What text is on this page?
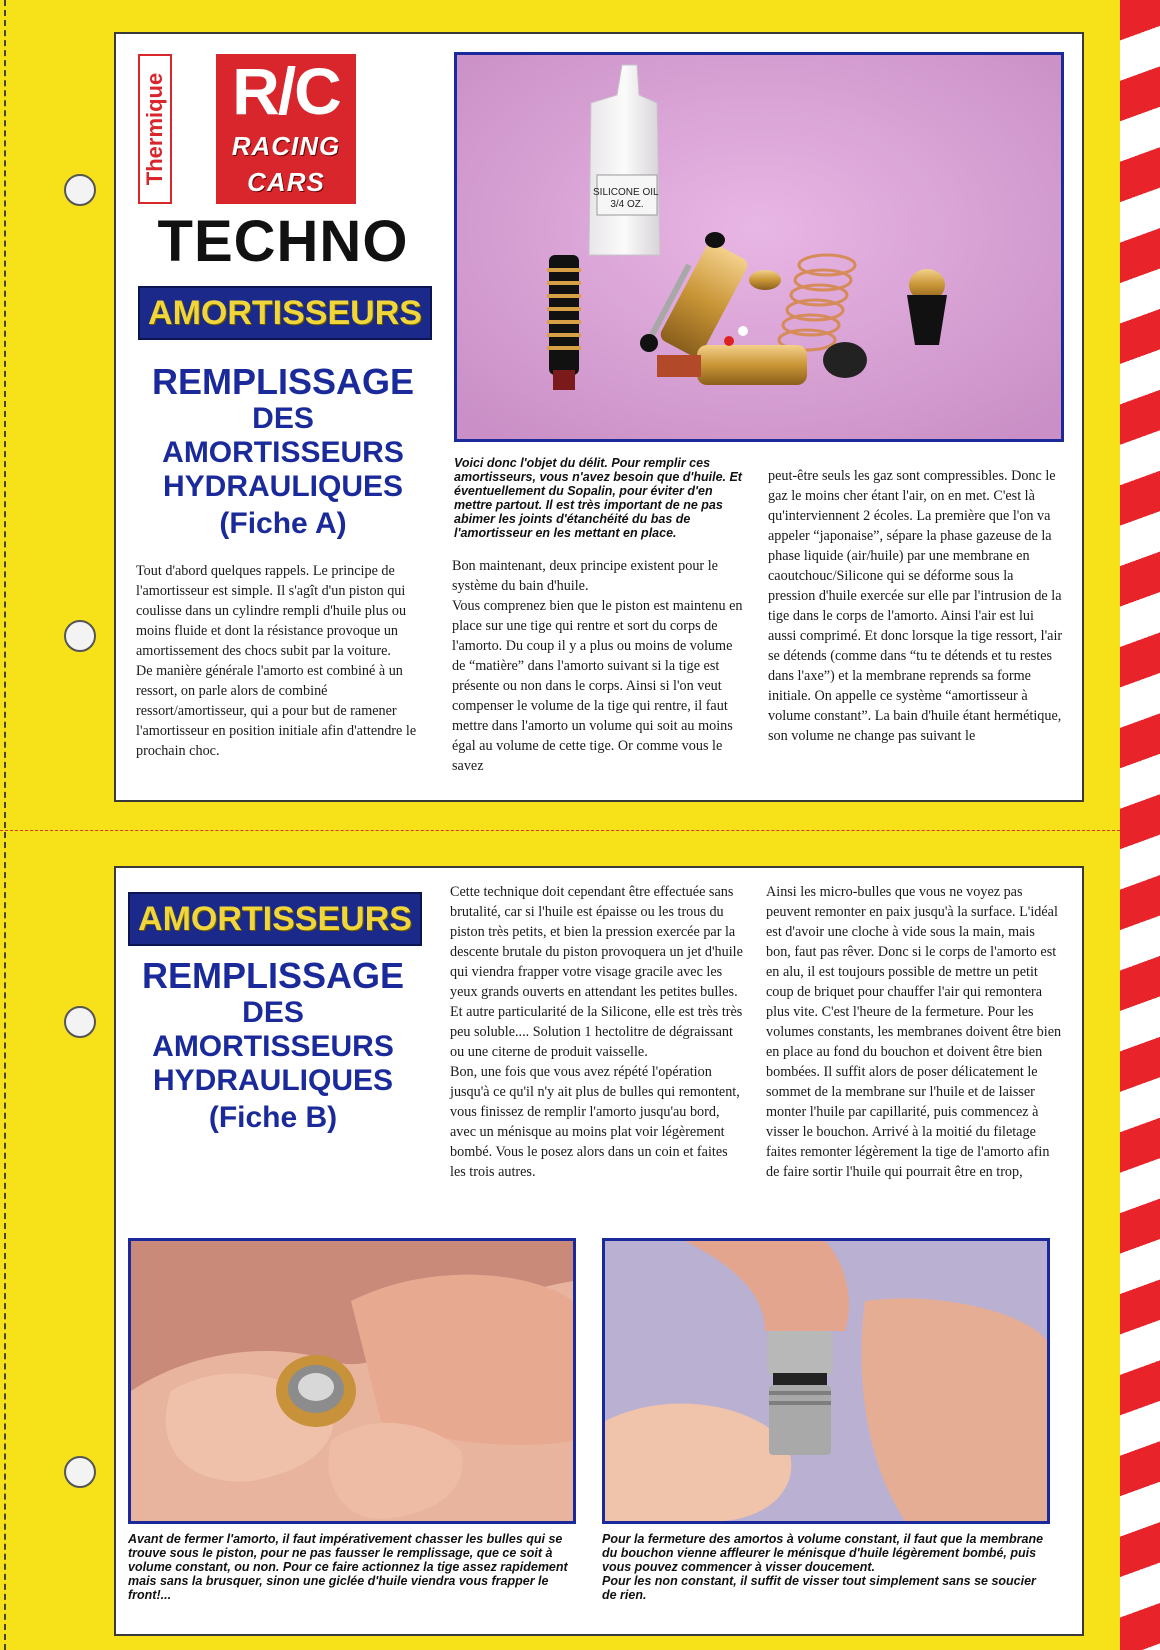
Thermique R/C
RACING
CARS
TECHNO
AMORTISSEURS
REMPLISSAGE
DES
AMORTISSEURS
HYDRAULIQUES
(Fiche A)
SILICONE OIL 3/4 OZ.

Voici donc l'objet du délit. Pour remplir ces amortisseurs, vous n'avez besoin que d'huile. Et éventuellement du Sopalin, pour éviter d'en mettre partout. Il est très important de ne pas abimer les joints d'étanchéité du bas de l'amortisseur en les mettant en place.

Tout d'abord quelques rappels. Le principe de l'amortisseur est simple. Il s'agît d'un piston qui coulisse dans un cylindre rempli d'huile plus ou moins fluide et dont la résistance provoque un amortissement des chocs subit par la voiture.

De manière générale l'amorto est combiné à un ressort, on parle alors de combiné ressort/amortisseur, qui a pour but de ramener l'amortisseur en position initiale afin d'attendre le prochain choc.

Bon maintenant, deux principe existent pour le système du bain d'huile.

Vous comprenez bien que le piston est maintenu en place sur une tige qui rentre et sort du corps de l'amorto. Du coup il y a plus ou moins de volume de “matière” dans l'amorto suivant si la tige est présente ou non dans le corps. Ainsi si l'on veut compenser le volume de la tige qui rentre, il faut mettre dans l'amorto un volume qui soit au moins égal au volume de cette tige. Or comme vous le savez

peut-être seuls les gaz sont compressibles. Donc le gaz le moins cher étant l'air, on en met. C'est là qu'interviennent 2 écoles. La première que l'on va appeler “japonaise”, sépare la phase gazeuse de la phase liquide (air/huile) par une membrane en caoutchouc/Silicone qui se déforme sous la pression d'huile exercée sur elle par l'intrusion de la tige dans le corps de l'amorto. Ainsi l'air est lui aussi comprimé. Et donc lorsque la tige ressort, l'air se détends (comme dans “tu te détends et tu restes dans l'axe”) et la membrane reprends sa forme initiale. On appelle ce système “amortisseur à volume constant”. La bain d'huile étant hermétique, son volume ne change pas suivant le

AMORTISSEURS
REMPLISSAGE
DES
AMORTISSEURS
HYDRAULIQUES
(Fiche B)

Cette technique doit cependant être effectuée sans brutalité, car si l'huile est épaisse ou les trous du piston très petits, et bien la pression exercée par la descente brutale du piston provoquera un jet d'huile qui viendra frapper votre visage gracile avec les yeux grands ouverts en attendant les petites bulles. Et autre particularité de la Silicone, elle est très très peu soluble.... Solution 1 hectolitre de dégraissant ou une citerne de produit vaisselle.

Bon, une fois que vous avez répété l'opération jusqu'à ce qu'il n'y ait plus de bulles qui remontent, vous finissez de remplir l'amorto jusqu'au bord, avec un ménisque au moins plat voir légèrement bombé. Vous le posez alors dans un coin et faites les trois autres.

Ainsi les micro-bulles que vous ne voyez pas peuvent remonter en paix jusqu'à la surface. L'idéal est d'avoir une cloche à vide sous la main, mais bon, faut pas rêver. Donc si le corps de l'amorto est en alu, il est toujours possible de mettre un petit coup de briquet pour chauffer l'air qui remontera plus vite. C'est l'heure de la fermeture. Pour les volumes constants, les membranes doivent être bien en place au fond du bouchon et doivent être bien bombées. Il suffit alors de poser délicatement le sommet de la membrane sur l'huile et de laisser monter l'huile par capillarité, puis commencez à visser le bouchon. Arrivé à la moitié du filetage faites remonter légèrement la tige de l'amorto afin de faire sortir l'huile qui pourrait être en trop,

Avant de fermer l'amorto, il faut impérativement chasser les bulles qui se trouve sous le piston, pour ne pas fausser le remplissage, que ce soit à volume constant, ou non. Pour ce faire actionnez la tige assez rapidement mais sans la brusquer, sinon une giclée d'huile viendra vous frapper le front!...

Pour la fermeture des amortos à volume constant, il faut que la membrane du bouchon vienne affleurer le ménisque d'huile légèrement bombé, puis vous pouvez commencer à visser doucement.
Pour les non constant, il suffit de visser tout simplement sans se soucier de rien.
